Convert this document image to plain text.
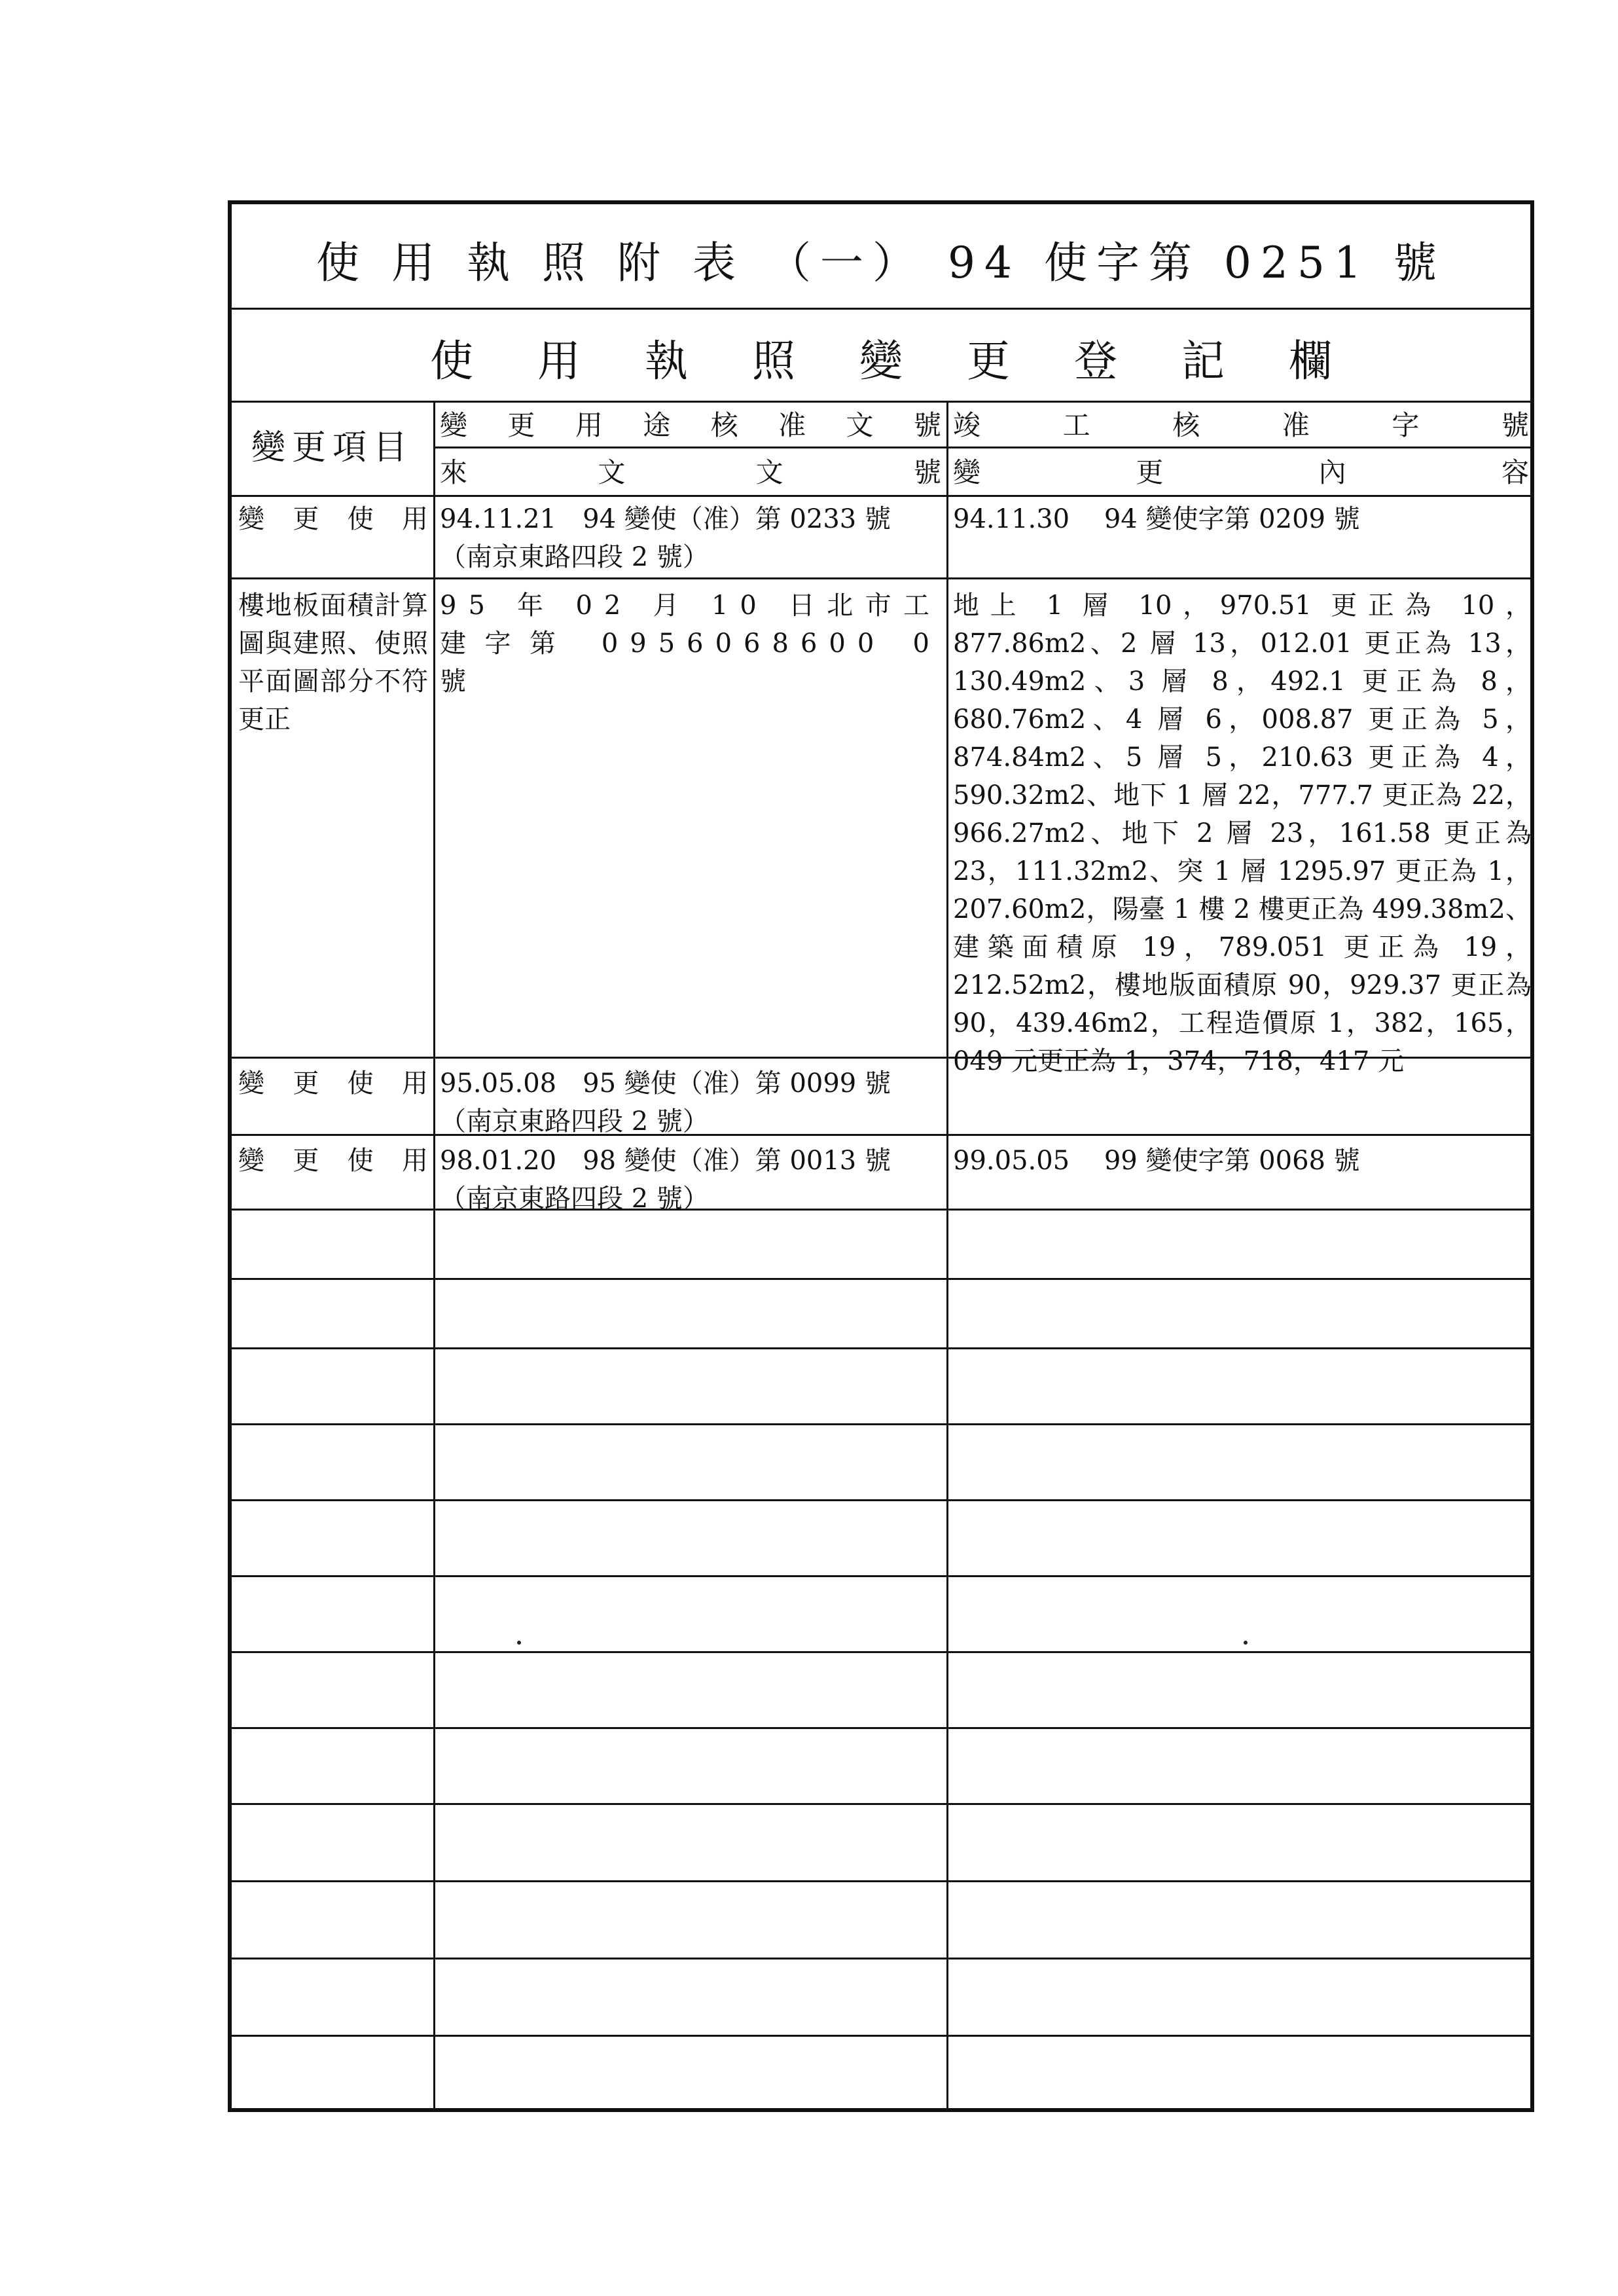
使 用 執 照 附 表 （一） 94 使字第 0251 號
使用執照變更登記欄
變更項目
變更用途核准文號 竣工核准字號
來文文號 變更內容
變更使用 94.11.21　94 變使（准）第 0233 號
（南京東路四段 2 號）
94.11.30　 94 變使字第 0209 號
樓地板面積計算圖與建照、使照平面圖部分不符更正
95 年 02 月 10 日北市工建字第 0956068600 0 號
地上 1 層 10，970.51 更正為 10，877.86m2、2 層 13，012.01 更正為 13，130.49m2、3 層 8，492.1 更正為 8，680.76m2、4 層 6，008.87 更正為 5，874.84m2、5 層 5，210.63 更正為 4，590.32m2、地下 1 層 22，777.7 更正為 22，966.27m2、地下 2 層 23，161.58 更正為 23，111.32m2、突 1 層 1295.97 更正為 1，207.60m2，陽臺 1 樓 2 樓更正為 499.38m2、建築面積原 19，789.051 更正為 19，212.52m2，樓地版面積原 90，929.37 更正為 90，439.46m2，工程造價原 1，382，165，049 元更正為 1，374，718，417 元
變更使用 95.05.08　95 變使（准）第 0099 號
（南京東路四段 2 號）
變更使用 98.01.20　98 變使（准）第 0013 號
（南京東路四段 2 號）
99.05.05　 99 變使字第 0068 號
